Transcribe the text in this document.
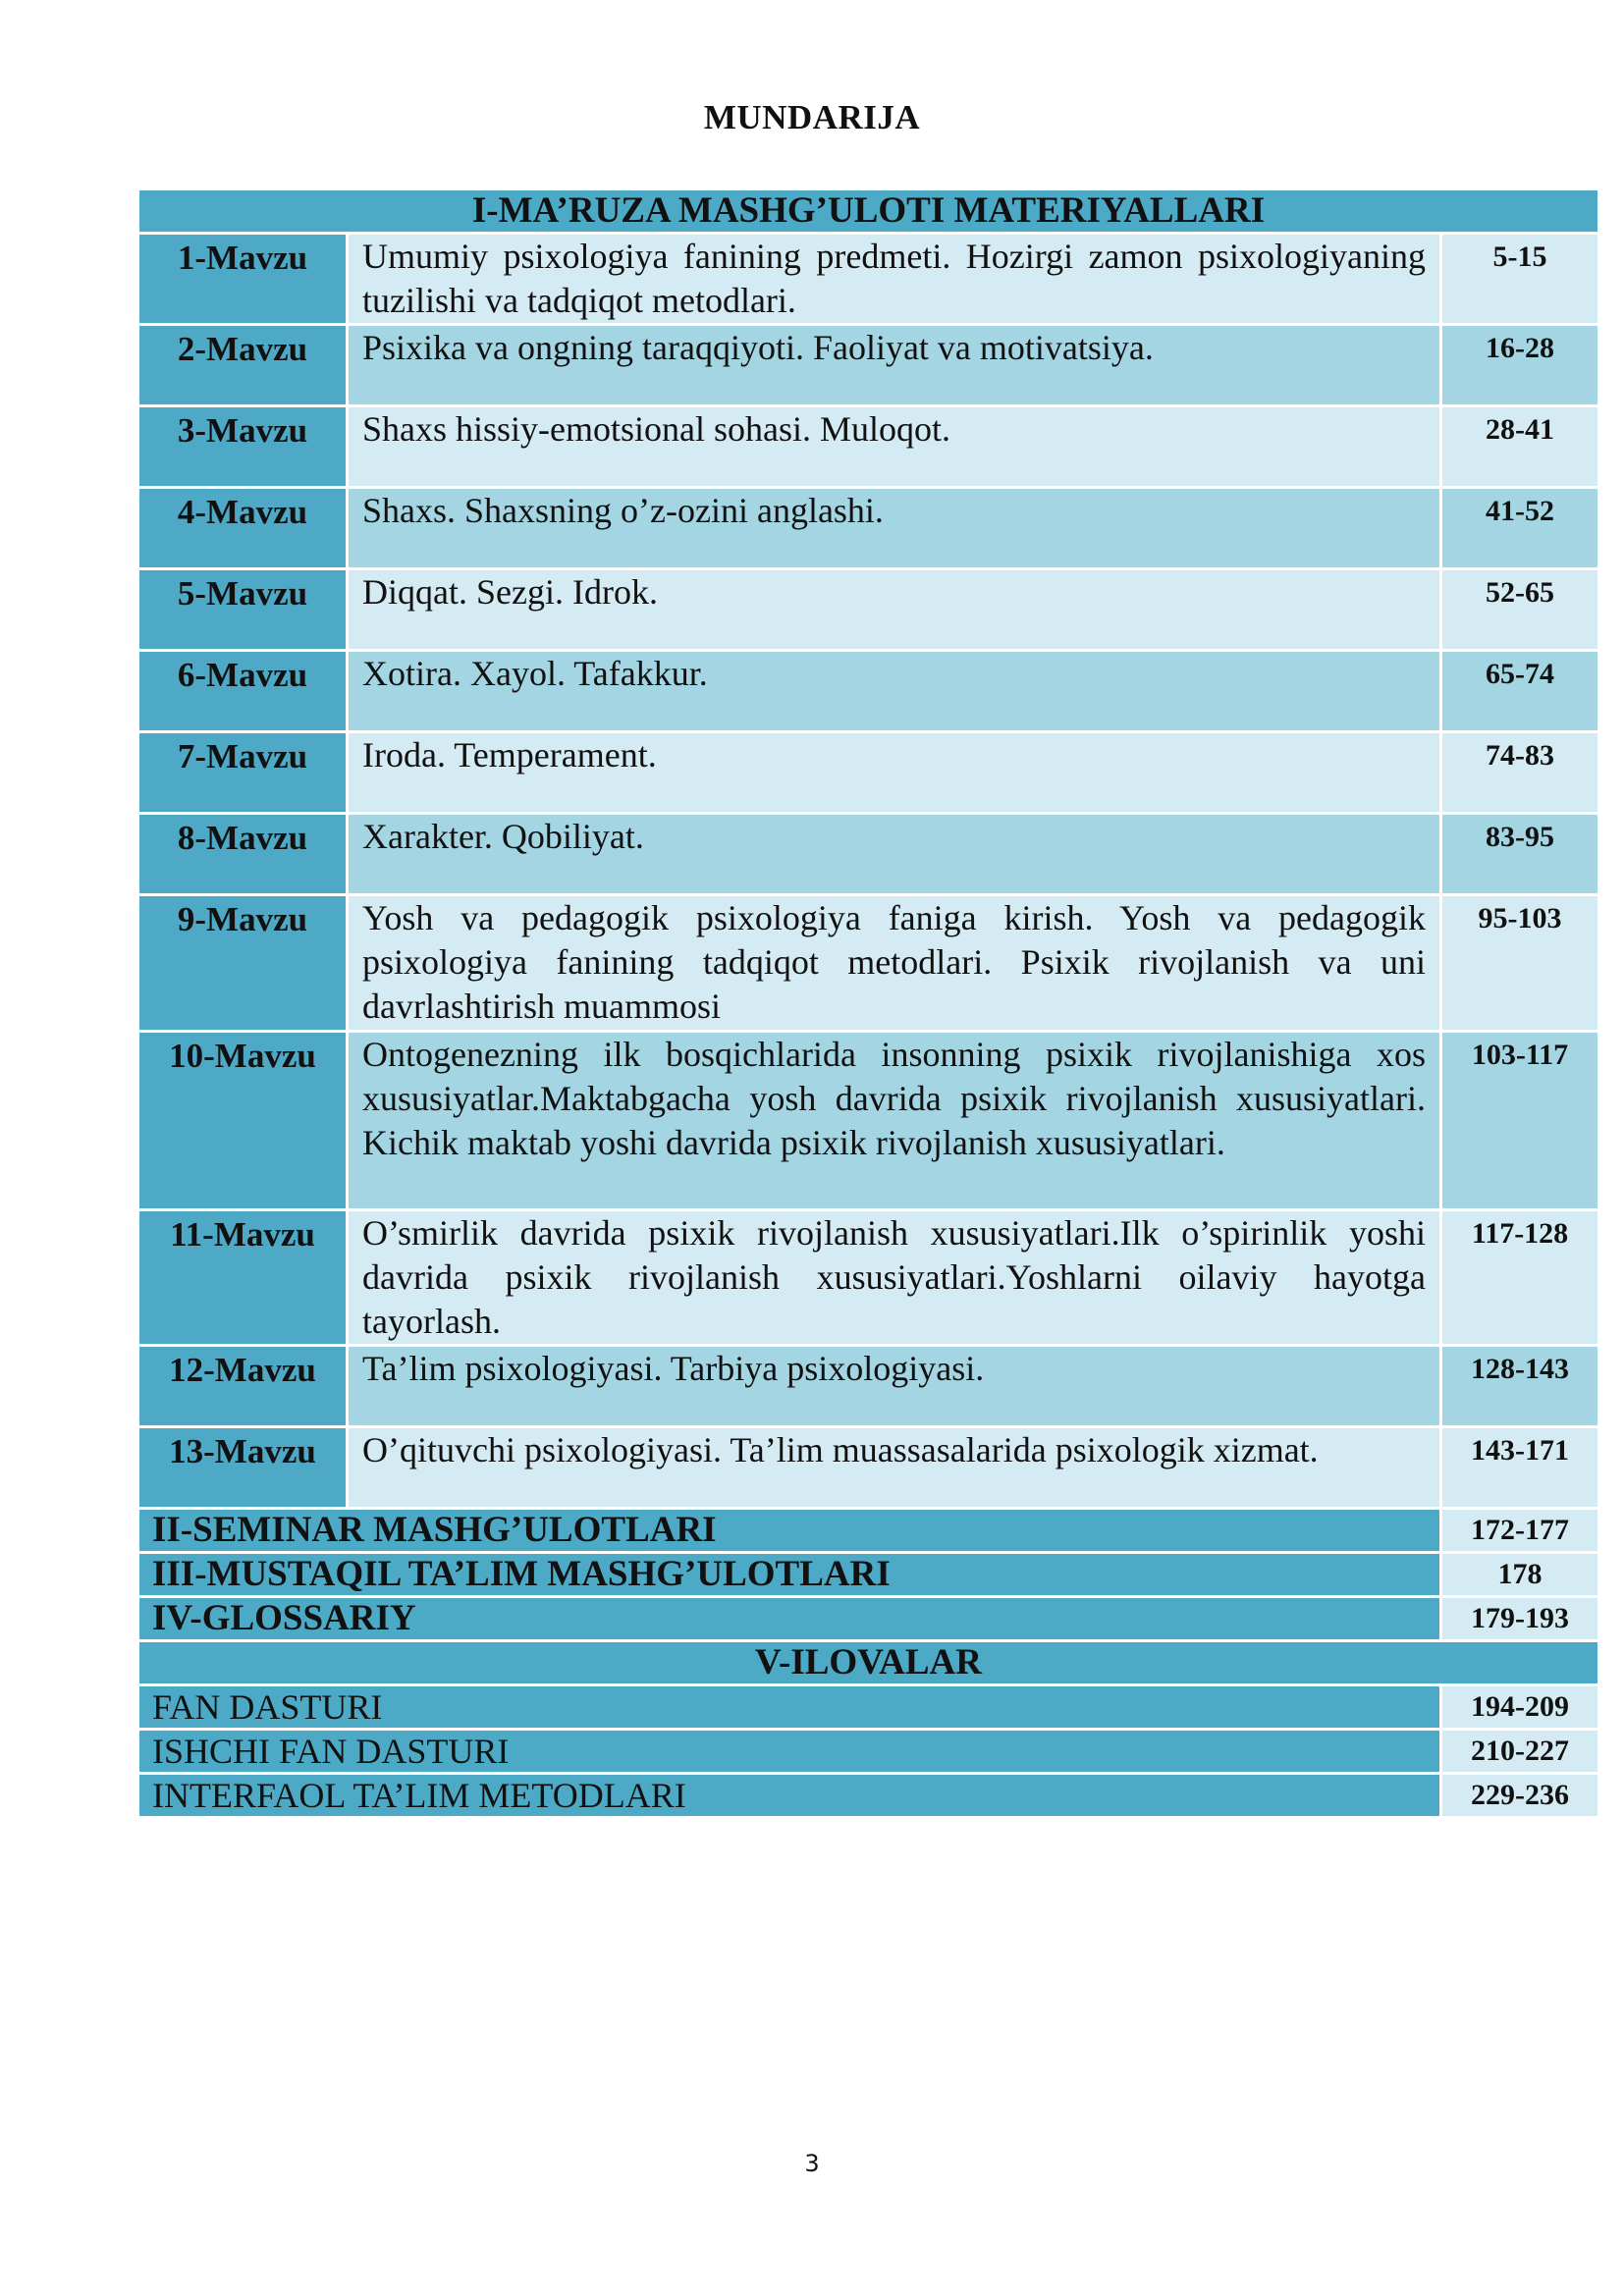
MUNDARIJA
I-MA’RUZA MASHG’ULOTI MATERIYALLARI		
1-Mavzu	Umumiy psixologiya fanining predmeti. Hozirgi zamon psixologiyaning tuzilishi va tadqiqot metodlari.	5-15
2-Mavzu	Psixika va ongning taraqqiyoti. Faoliyat va motivatsiya.	16-28
3-Mavzu	Shaxs hissiy-emotsional sohasi. Muloqot.	28-41
4-Mavzu	Shaxs. Shaxsning o’z-ozini anglashi.	41-52
5-Mavzu	Diqqat. Sezgi. Idrok.	52-65
6-Mavzu	Xotira. Xayol. Tafakkur.	65-74
7-Mavzu	Iroda. Temperament.	74-83
8-Mavzu	Xarakter. Qobiliyat.	83-95
9-Mavzu	Yosh va pedagogik psixologiya faniga kirish. Yosh va pedagogik psixologiya fanining tadqiqot metodlari. Psixik rivojlanish va uni davrlashtirish muammosi	95-103
10-Mavzu	Ontogenezning ilk bosqichlarida insonning psixik rivojlanishiga xos xususiyatlar.Maktabgacha yosh davrida psixik rivojlanish xususiyatlari. Kichik maktab yoshi davrida psixik rivojlanish xususiyatlari.	103-117
11-Mavzu	O’smirlik davrida psixik rivojlanish xususiyatlari.Ilk o’spirinlik yoshi davrida psixik rivojlanish xususiyatlari.Yoshlarni oilaviy hayotga tayorlash.	117-128
12-Mavzu	Ta’lim psixologiyasi. Tarbiya psixologiyasi.	128-143
13-Mavzu	O’qituvchi psixologiyasi. Ta’lim muassasalarida psixologik xizmat.	143-171
II-SEMINAR MASHG’ULOTLARI		172-177
III-MUSTAQIL TA’LIM MASHG’ULOTLARI		178
IV-GLOSSARIY		179-193
V-ILOVALAR		
FAN DASTURI		194-209
ISHCHI FAN DASTURI		210-227
INTERFAOL TA’LIM METODLARI		229-236
3
